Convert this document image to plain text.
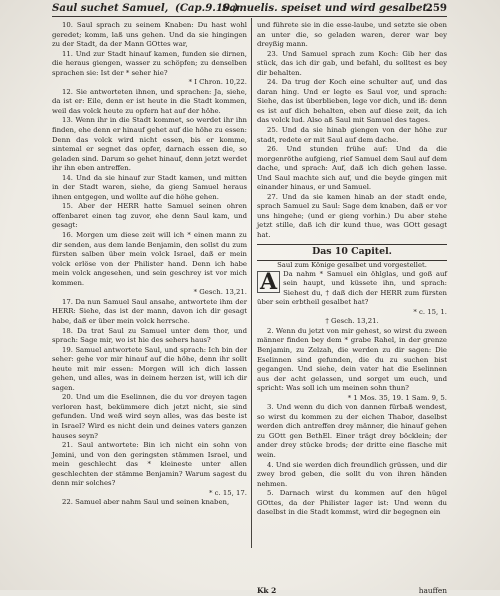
Saul suchet Samuel, (Cap.9.10.)
Samuelis. speiset und wird gesalbet.
259

10. Saul sprach zu seinem Knaben: Du hast wohl geredet; komm, laß uns gehen. Und da sie hingingen zu der Stadt, da der Mann GOttes war,

11. Und zur Stadt hinauf kamen, funden sie dirnen, die heraus giengen, wasser zu schöpfen; zu denselben sprachen sie: Ist der * seher hie?

* I Chron. 10,22.

12. Sie antworteten ihnen, und sprachen: Ja, siehe, da ist er: Eile, denn er ist heute in die Stadt kommen, weil das volck heute zu opfern hat auf der höhe.

13. Wenn ihr in die Stadt kommet, so werdet ihr ihn finden, ehe denn er hinauf gehet auf die höhe zu essen: Denn das volck wird nicht essen, bis er komme, sintemal er segnet das opfer, darnach essen die, so geladen sind. Darum so gehet hinauf, denn jetzt werdet ihr ihn eben antreffen.

14. Und da sie hinauf zur Stadt kamen, und mitten in der Stadt waren, siehe, da gieng Samuel heraus ihnen entgegen, und wollte auf die höhe gehen.

15. Aber der HERR hatte Samuel seinen ohren offenbaret einen tag zuvor, ehe denn Saul kam, und gesagt:

16. Morgen um diese zeit will ich * einen mann zu dir senden, aus dem lande Benjamin, den sollst du zum fürsten salben über mein volck Israel, daß er mein volck erlöse von der Philister hand. Denn ich habe mein volck angesehen, und sein geschrey ist vor mich kommen.

* Gesch. 13,21.

17. Da nun Samuel Saul ansahe, antwortete ihm der HERR: Siehe, das ist der mann, davon ich dir gesagt habe, daß er über mein volck herrsche.

18. Da trat Saul zu Samuel unter dem thor, und sprach: Sage mir, wo ist hie des sehers haus?

19. Samuel antwortete Saul, und sprach: Ich bin der seher: gehe vor mir hinauf auf die höhe, denn ihr sollt heute mit mir essen: Morgen will ich dich lassen gehen, und alles, was in deinem herzen ist, will ich dir sagen.

20. Und um die Eselinnen, die du vor dreyen tagen verloren hast, bekümmere dich jetzt nicht, sie sind gefunden. Und weß wird seyn alles, was das beste ist in Israel? Wird es nicht dein und deines vaters ganzen hauses seyn?

21. Saul antwortete: Bin ich nicht ein sohn von Jemini, und von den geringsten stämmen Israel, und mein geschlecht das * kleineste unter allen geschlechten der stämme Benjamin? Warum sagest du denn mir solches?

* c. 15, 17.

22. Samuel aber nahm Saul und seinen knaben,

und führete sie in die esse-laube, und setzte sie oben an unter die, so geladen waren, derer war bey dreyßig mann.

23. Und Samuel sprach zum Koch: Gib her das stück, das ich dir gab, und befahl, du solltest es bey dir behalten.

24. Da trug der Koch eine schulter auf, und das daran hing. Und er legte es Saul vor, und sprach: Siehe, das ist überblieben, lege vor dich, und iß: denn es ist auf dich behalten, eben auf diese zeit, da ich das volck lud. Also aß Saul mit Samuel des tages.

25. Und da sie hinab giengen von der höhe zur stadt, redete er mit Saul auf dem dache.

26. Und stunden frühe auf: Und da die morgenröthe aufgieng, rief Samuel dem Saul auf dem dache, und sprach: Auf, daß ich dich gehen lasse. Und Saul machte sich auf, und die beyde gingen mit einander hinaus, er und Samuel.

27. Und da sie kamen hinab an der stadt ende, sprach Samuel zu Saul: Sage dem knaben, daß er vor uns hingehe; (und er gieng vorhin.) Du aber stehe jetzt stille, daß ich dir kund thue, was GOtt gesagt hat.

Das 10 Capitel.
Saul zum Könige gesalbet und vorgestellet.

A Da nahm * Samuel ein öhlglas, und goß auf sein haupt, und küssete ihn, und sprach: Siehest du, † daß dich der HERR zum fürsten über sein erbtheil gesalbet hat?

* c. 15, 1.
† Gesch. 13,21.

2. Wenn du jetzt von mir gehest, so wirst du zween männer finden bey dem * grabe Rahel, in der grenze Benjamin, zu Zelzah, die werden zu dir sagen: Die Eselinnen sind gefunden, die du zu suchen bist gegangen. Und siehe, dein vater hat die Eselinnen aus der acht gelassen, und sorget um euch, und spricht: Was soll ich um meinen sohn thun?

* 1 Mos. 35, 19. 1 Sam. 9, 5.

3. Und wenn du dich von dannen fürbaß wendest, so wirst du kommen zu der eichen Thabor, daselbst werden dich antreffen drey männer, die hinauf gehen zu GOtt gen BethEl. Einer trägt drey böcklein; der ander drey stücke brods; der dritte eine flasche mit wein.

4. Und sie werden dich freundlich grüssen, und dir zwey brod geben, die sollt du von ihren händen nehmen.

5. Darnach wirst du kommen auf den hügel GOttes, da der Philister lager ist: Und wenn du daselbst in die Stadt kommst, wird dir begegnen ein

Kk 2	hauffen
